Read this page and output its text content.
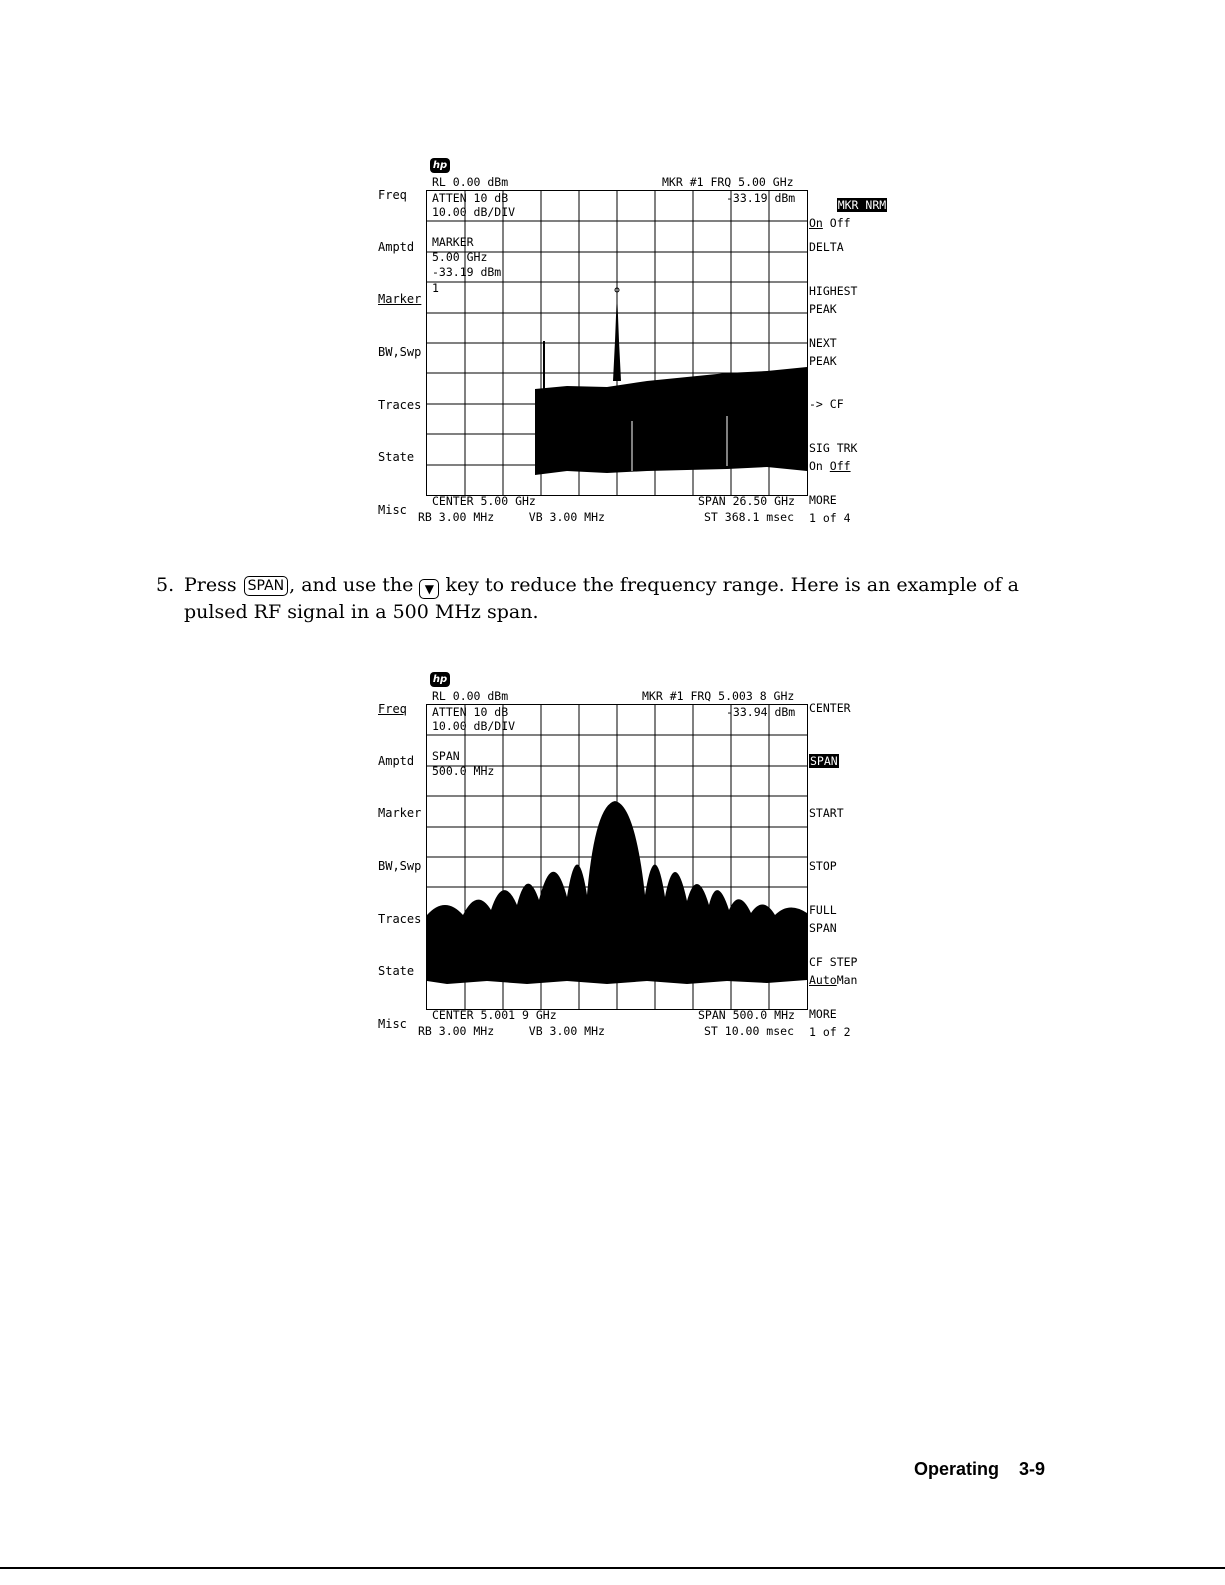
hp
RL 0.00 dBm	MKR #1 FRQ 5.00 GHz
Freq
Amptd
Marker
BW,Swp
Traces
State
Misc
ATTEN 10 dB
10.00 dB/DIV
-33.19 dBm
MARKER
5.00 GHz
-33.19 dBm
1
CENTER 5.00 GHz
RB 3.00 MHz     VB 3.00 MHz
SPAN 26.50 GHz
ST 368.1 msec

MKR NRM
On Off

DELTA
HIGHEST
PEAK
NEXT
PEAK
-> CF
SIG TRK
On Off
MORE
1 of 4
5. Press SPAN , and use the ▼ key to reduce the frequency range. Here is an example of a pulsed RF signal in a 500 MHz span.
hp
RL 0.00 dBm	MKR #1 FRQ 5.003 8 GHz
Freq
Amptd
Marker
BW,Swp
Traces
State
Misc
ATTEN 10 dB
10.00 dB/DIV
-33.94 dBm
SPAN
500.0 MHz
CENTER 5.001 9 GHz
RB 3.00 MHz     VB 3.00 MHz
SPAN 500.0 MHz
ST 10.00 msec
CENTER
SPAN
START
STOP
FULL
SPAN
CF STEP
AutoMan
MORE
1 of 2
Operating 3-9
